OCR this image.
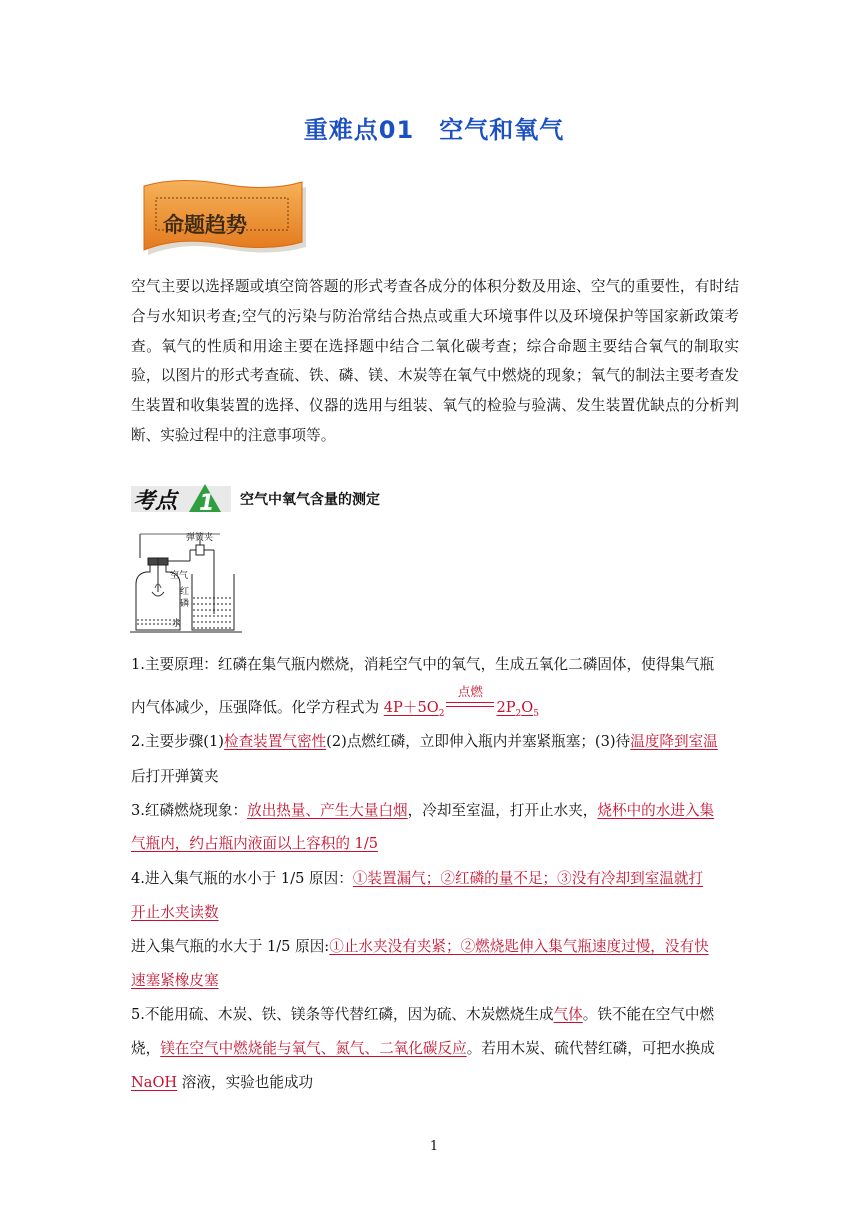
重难点01　空气和氧气
命题趋势
空气主要以选择题或填空筒答题的形式考查各成分的体积分数及用途、空气的重要性，有时结合与水知识考查;空气的污染与防治常结合热点或重大环境事件以及环境保护等国家新政策考查。氧气的性质和用途主要在选择题中结合二氧化碳考查；综合命题主要结合氧气的制取实验，以图片的形式考查硫、铁、磷、镁、木炭等在氧气中燃烧的现象；氧气的制法主要考查发生装置和收集装置的选择、仪器的选用与组装、氧气的检验与验满、发生装置优缺点的分析判断、实验过程中的注意事项等。
考点 1 空气中氧气含量的测定
弹簧夹
空气
红
磷
水
1.主要原理：红磷在集气瓶内燃烧，消耗空气中的氧气，生成五氧化二磷固体，使得集气瓶
内气体减少，压强降低。化学方程式为 $4P+5O_2$
点燃
$2P_2O_5$
2.主要步骤(1)检查装置气密性(2)点燃红磷，立即伸入瓶内并塞紧瓶塞；(3)待温度降到室温
后打开弹簧夹
3.红磷燃烧现象：放出热量、产生大量白烟，冷却至室温，打开止水夹，烧杯中的水进入集
气瓶内，约占瓶内液面以上容积的 1/5
4.进入集气瓶的水小于 1/5 原因：①装置漏气；②红磷的量不足；③没有冷却到室温就打
开止水夹读数
进入集气瓶的水大于 1/5 原因:①止水夹没有夹紧；②燃烧匙伸入集气瓶速度过慢，没有快
速塞紧橡皮塞
5.不能用硫、木炭、铁、镁条等代替红磷，因为硫、木炭燃烧生成气体。铁不能在空气中燃
烧，镁在空气中燃烧能与氧气、氮气、二氧化碳反应。若用木炭、硫代替红磷，可把水换成
NaOH 溶液，实验也能成功
1
